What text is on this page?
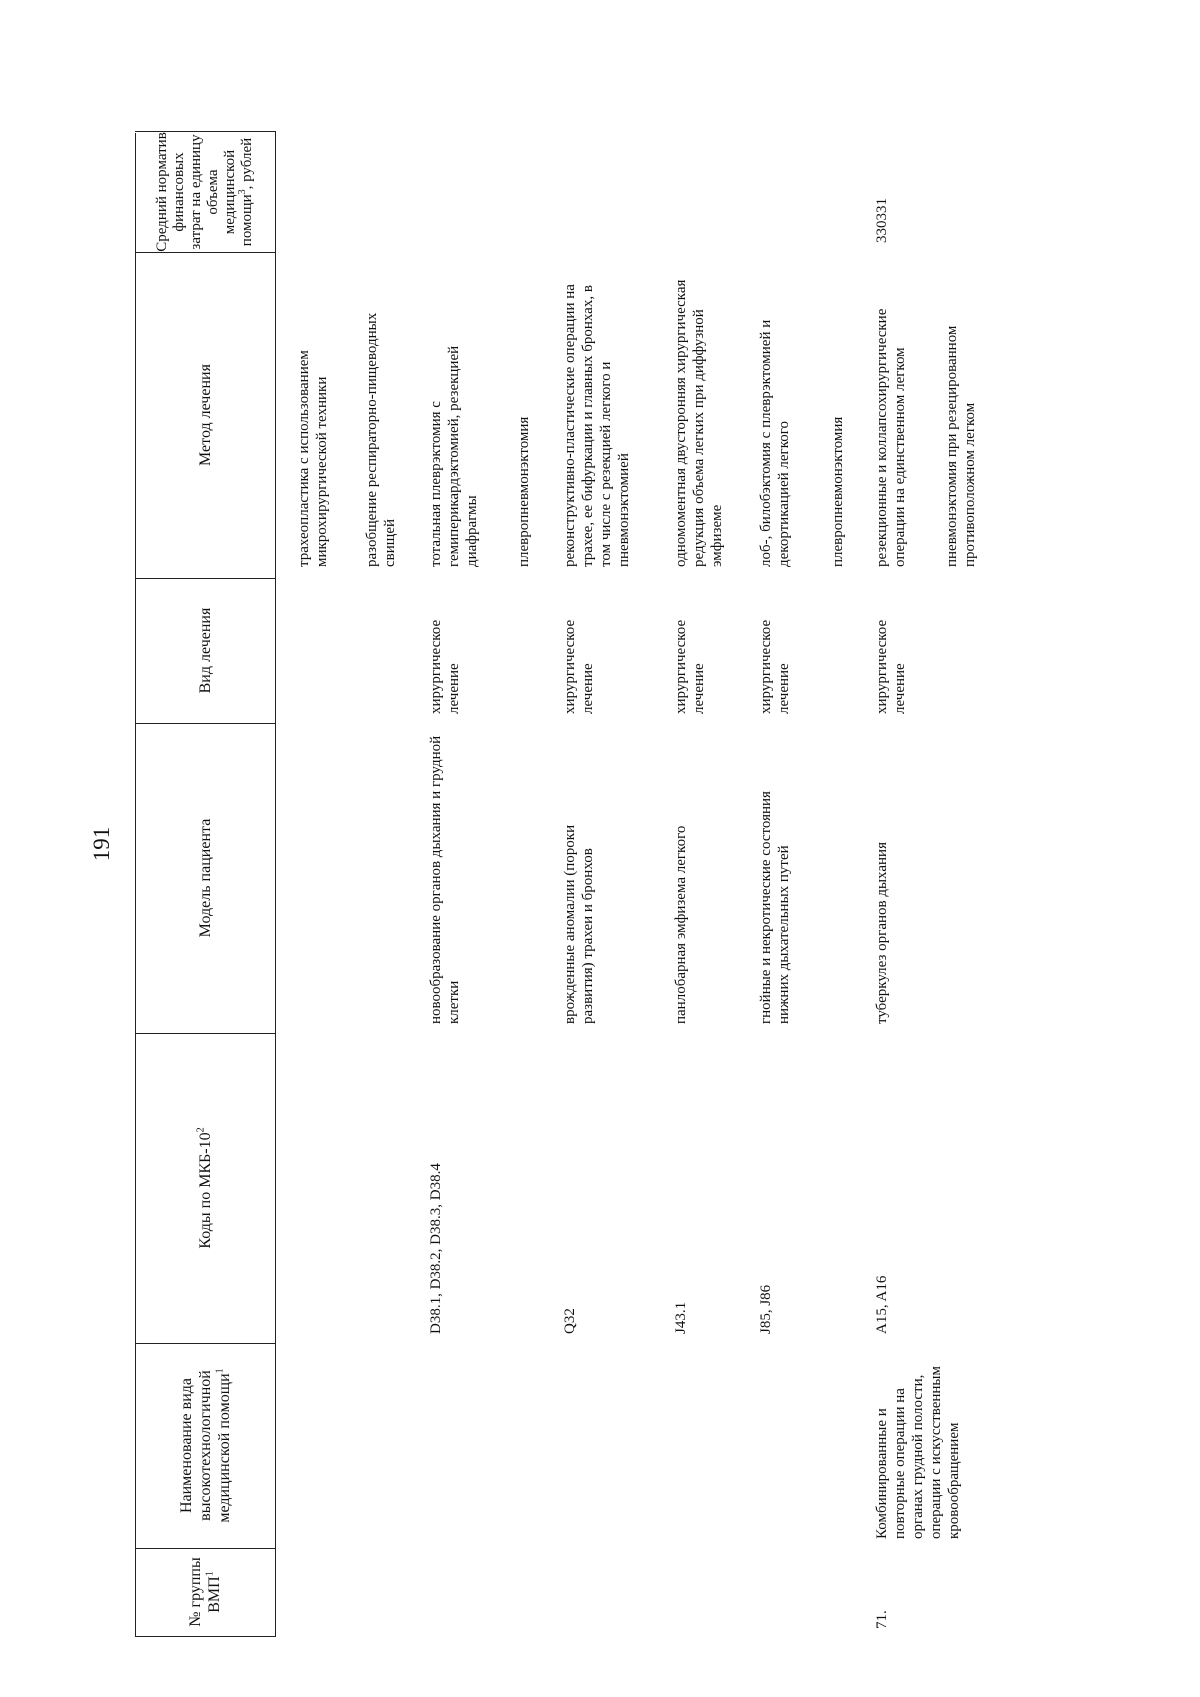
191
№ группы ВМП$^1$
Наименование вида высокотехнологичной медицинской помощи$^1$
Коды по МКБ-$10^2$
Модель пациента
Вид лечения
Метод лечения
Средний норматив финансовых затрат на единицу объема медицинской помощи$^3$, рублей
трахеопластика с использованием микрохирургической техники разобщение респираторно-пищеводных свищей
D38.1, D38.2, D38.3, D38.4
новообразование органов дыхания и грудной клетки
хирургическое лечение
тотальная плеврэктомия с гемиперикардэктомией, резекцией диафрагмы плевропневмонэктомия
Q32
врожденные аномалии (пороки развития) трахеи и бронхов
хирургическое лечение
реконструктивно-пластические операции на трахее, ее бифуркации и главных бронхах, в том числе с резекцией легкого и пневмонэктомией
J43.1
панлобарная эмфизема легкого
хирургическое лечение
одномоментная двусторонняя хирургическая редукция объема легких при диффузной эмфиземе
J85, J86
гнойные и некротические состояния нижних дыхательных путей
хирургическое лечение
лоб-, билобэктомия с плеврэктомией и декортикацией легкого	плевропневмонэктомия
71.
Комбинированные и повторные операции на органах грудной полости, операции с искусственным кровообращением
A15, A16
туберкулез органов дыхания
хирургическое лечение
резекционные и коллапсохирургические операции на единственном легком пневмонэктомия при резецированном противоположном легком
330331
